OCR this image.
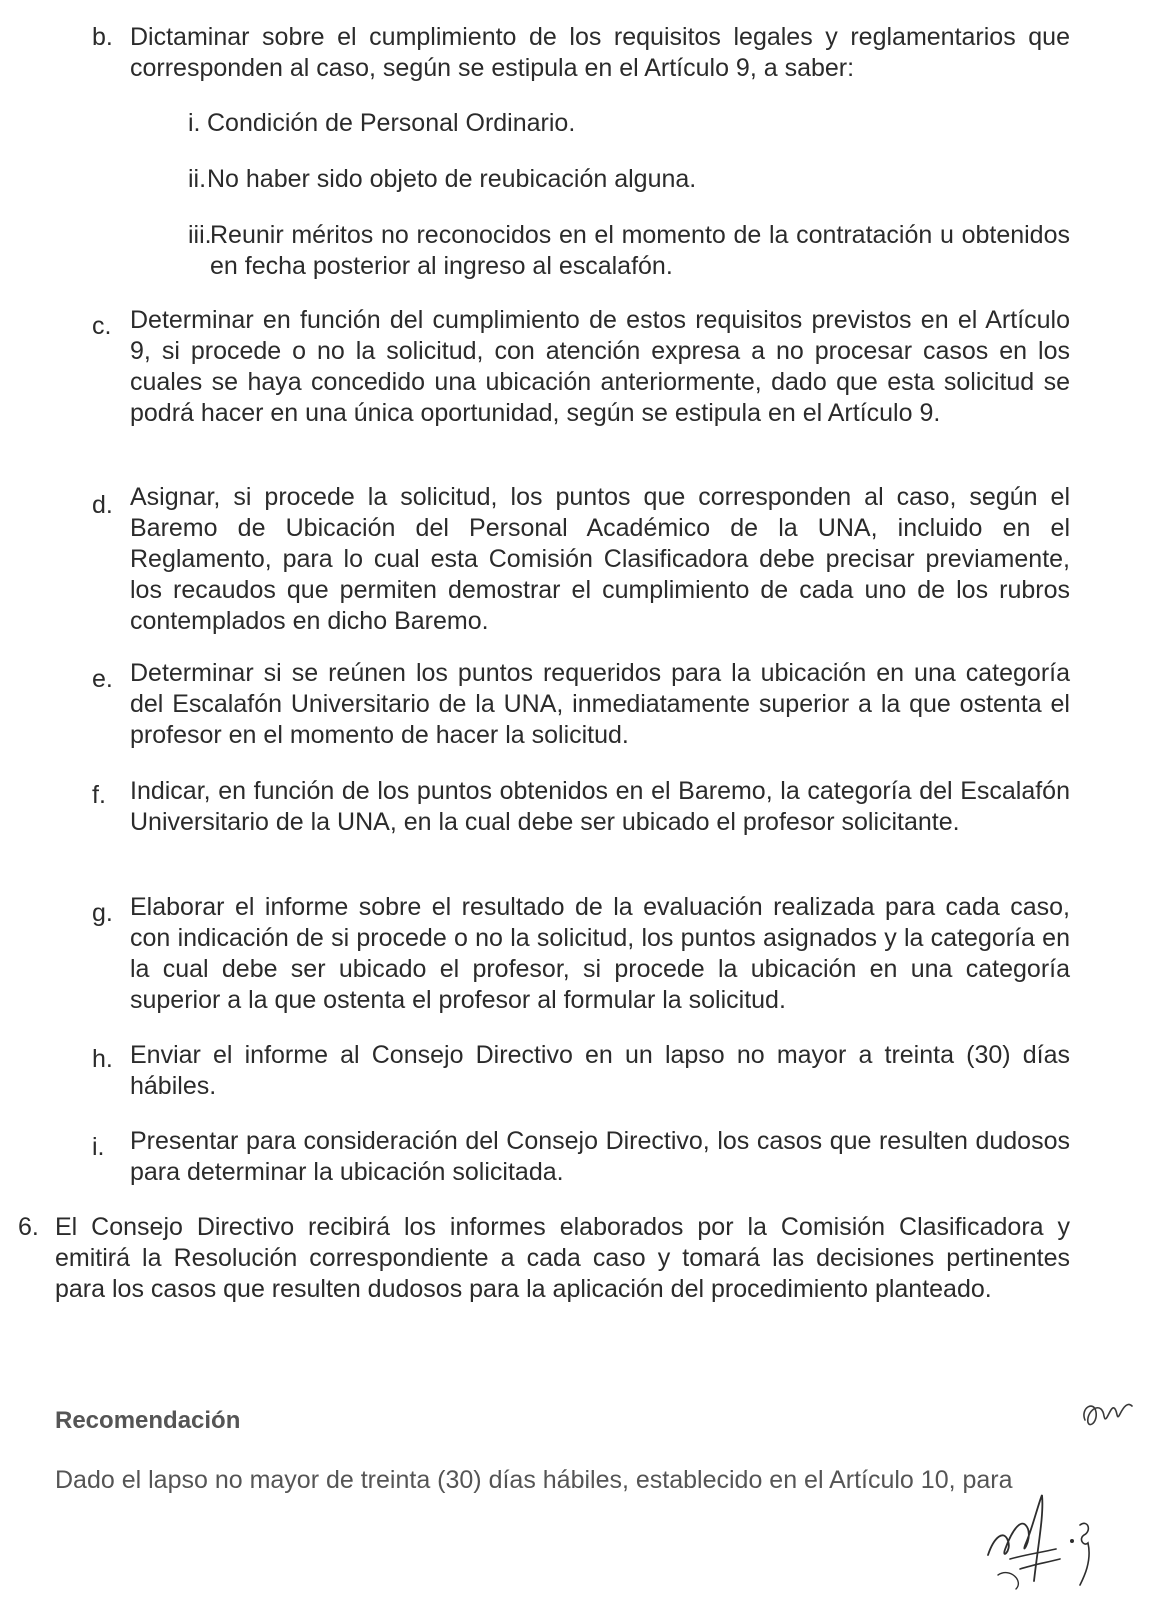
b. Dictaminar sobre el cumplimiento de los requisitos legales y reglamentarios que corresponden al caso, según se estipula en el Artículo 9, a saber:
i. Condición de Personal Ordinario.
ii. No haber sido objeto de reubicación alguna.
iii.
Reunir méritos no reconocidos en el momento de la contratación u obtenidos en fecha posterior al ingreso al escalafón.
c. Determinar en función del cumplimiento de estos requisitos previstos en el Artículo 9, si procede o no la solicitud, con atención expresa a no procesar casos en los cuales se haya concedido una ubicación anteriormente, dado que esta solicitud se podrá hacer en una única oportunidad, según se estipula en el Artículo 9.
d. Asignar, si procede la solicitud, los puntos que corresponden al caso, según el Baremo de Ubicación del Personal Académico de la UNA, incluido en el Reglamento, para lo cual esta Comisión Clasificadora debe precisar previamente, los recaudos que permiten demostrar el cumplimiento de cada uno de los rubros contemplados en dicho Baremo.
e. Determinar si se reúnen los puntos requeridos para la ubicación en una categoría del Escalafón Universitario de la UNA, inmediatamente superior a la que ostenta el profesor en el momento de hacer la solicitud.
f. Indicar, en función de los puntos obtenidos en el Baremo, la categoría del Escalafón Universitario de la UNA, en la cual debe ser ubicado el profesor solicitante.
g. Elaborar el informe sobre el resultado de la evaluación realizada para cada caso, con indicación de si procede o no la solicitud, los puntos asignados y la categoría en la cual debe ser ubicado el profesor, si procede la ubicación en una categoría superior a la que ostenta el profesor al formular la solicitud.
h. Enviar el informe al Consejo Directivo en un lapso no mayor a treinta (30) días hábiles.
i. Presentar para consideración del Consejo Directivo, los casos que resulten dudosos para determinar la ubicación solicitada.
6. El Consejo Directivo recibirá los informes elaborados por la Comisión Clasificadora y emitirá la Resolución correspondiente a cada caso y tomará las decisiones pertinentes para los casos que resulten dudosos para la aplicación del procedimiento planteado.
Recomendación
Dado el lapso no mayor de treinta (30) días hábiles, establecido en el Artículo 10, para
